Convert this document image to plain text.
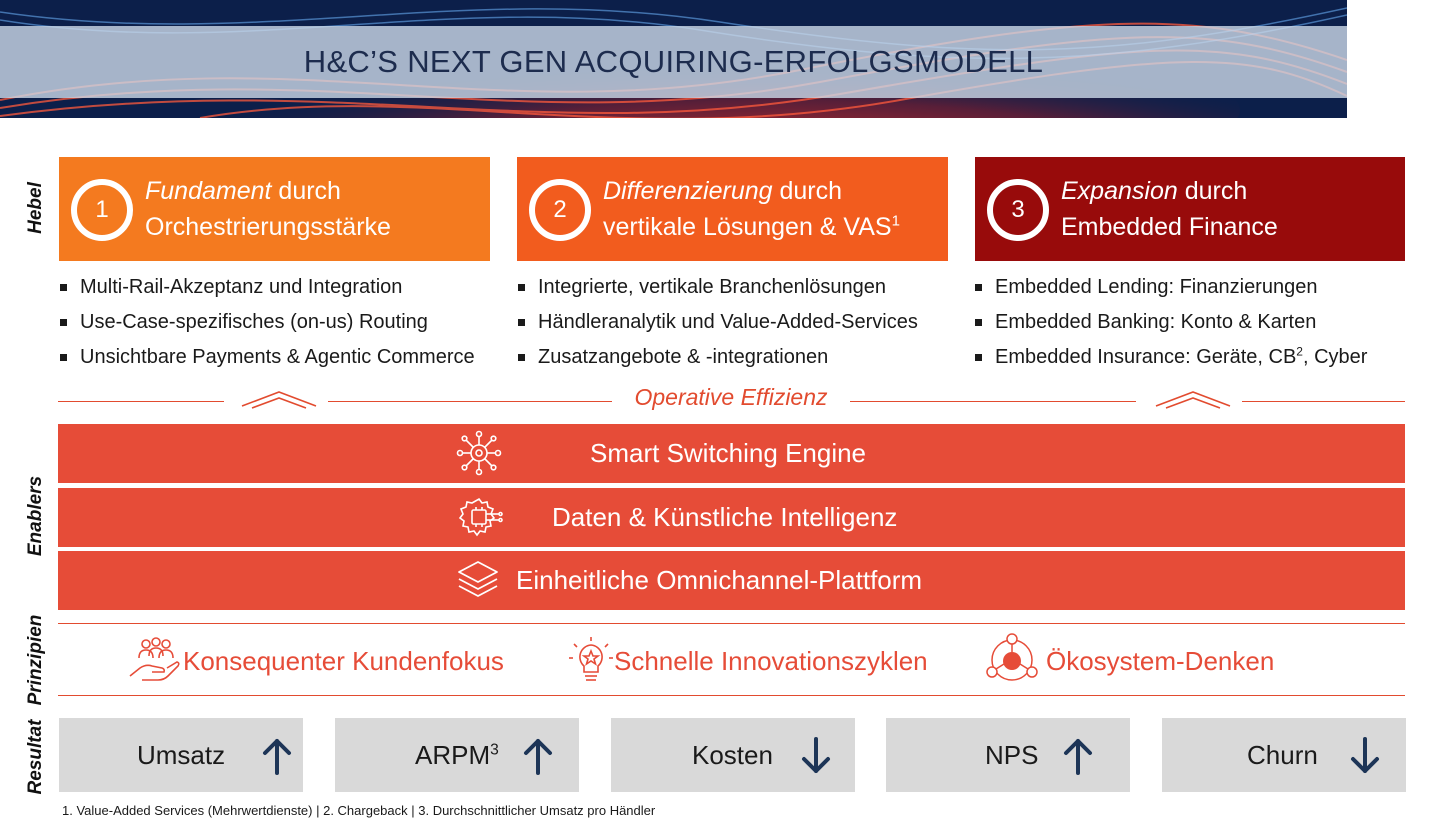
H&C’S NEXT GEN ACQUIRING-ERFOLGSMODELL
Hebel
Enablers
Prinzipien
Resultat
1
Fundament durch
Orchestrierungsstärke
Multi-Rail-Akzeptanz und Integration
Use-Case-spezifisches (on-us) Routing
Unsichtbare Payments & Agentic Commerce
2
Differenzierung durch
vertikale Lösungen & VAS$^1$
Integrierte, vertikale Branchenlösungen
Händleranalytik und Value-Added-Services
Zusatzangebote & -integrationen
3
Expansion durch
Embedded Finance
Embedded Lending: Finanzierungen
Embedded Banking: Konto & Karten
Embedded Insurance: Geräte, $CB^2$, Cyber
Operative Effizienz
Smart Switching Engine
Daten & Künstliche Intelligenz
Einheitliche Omnichannel-Plattform
Konsequenter Kundenfokus	Schnelle Innovationszyklen	Ökosystem-Denken
Umsatz	ARPM$^3$	Kosten	NPS	Churn
1. Value-Added Services (Mehrwertdienste) | 2. Chargeback | 3. Durchschnittlicher Umsatz pro Händler
